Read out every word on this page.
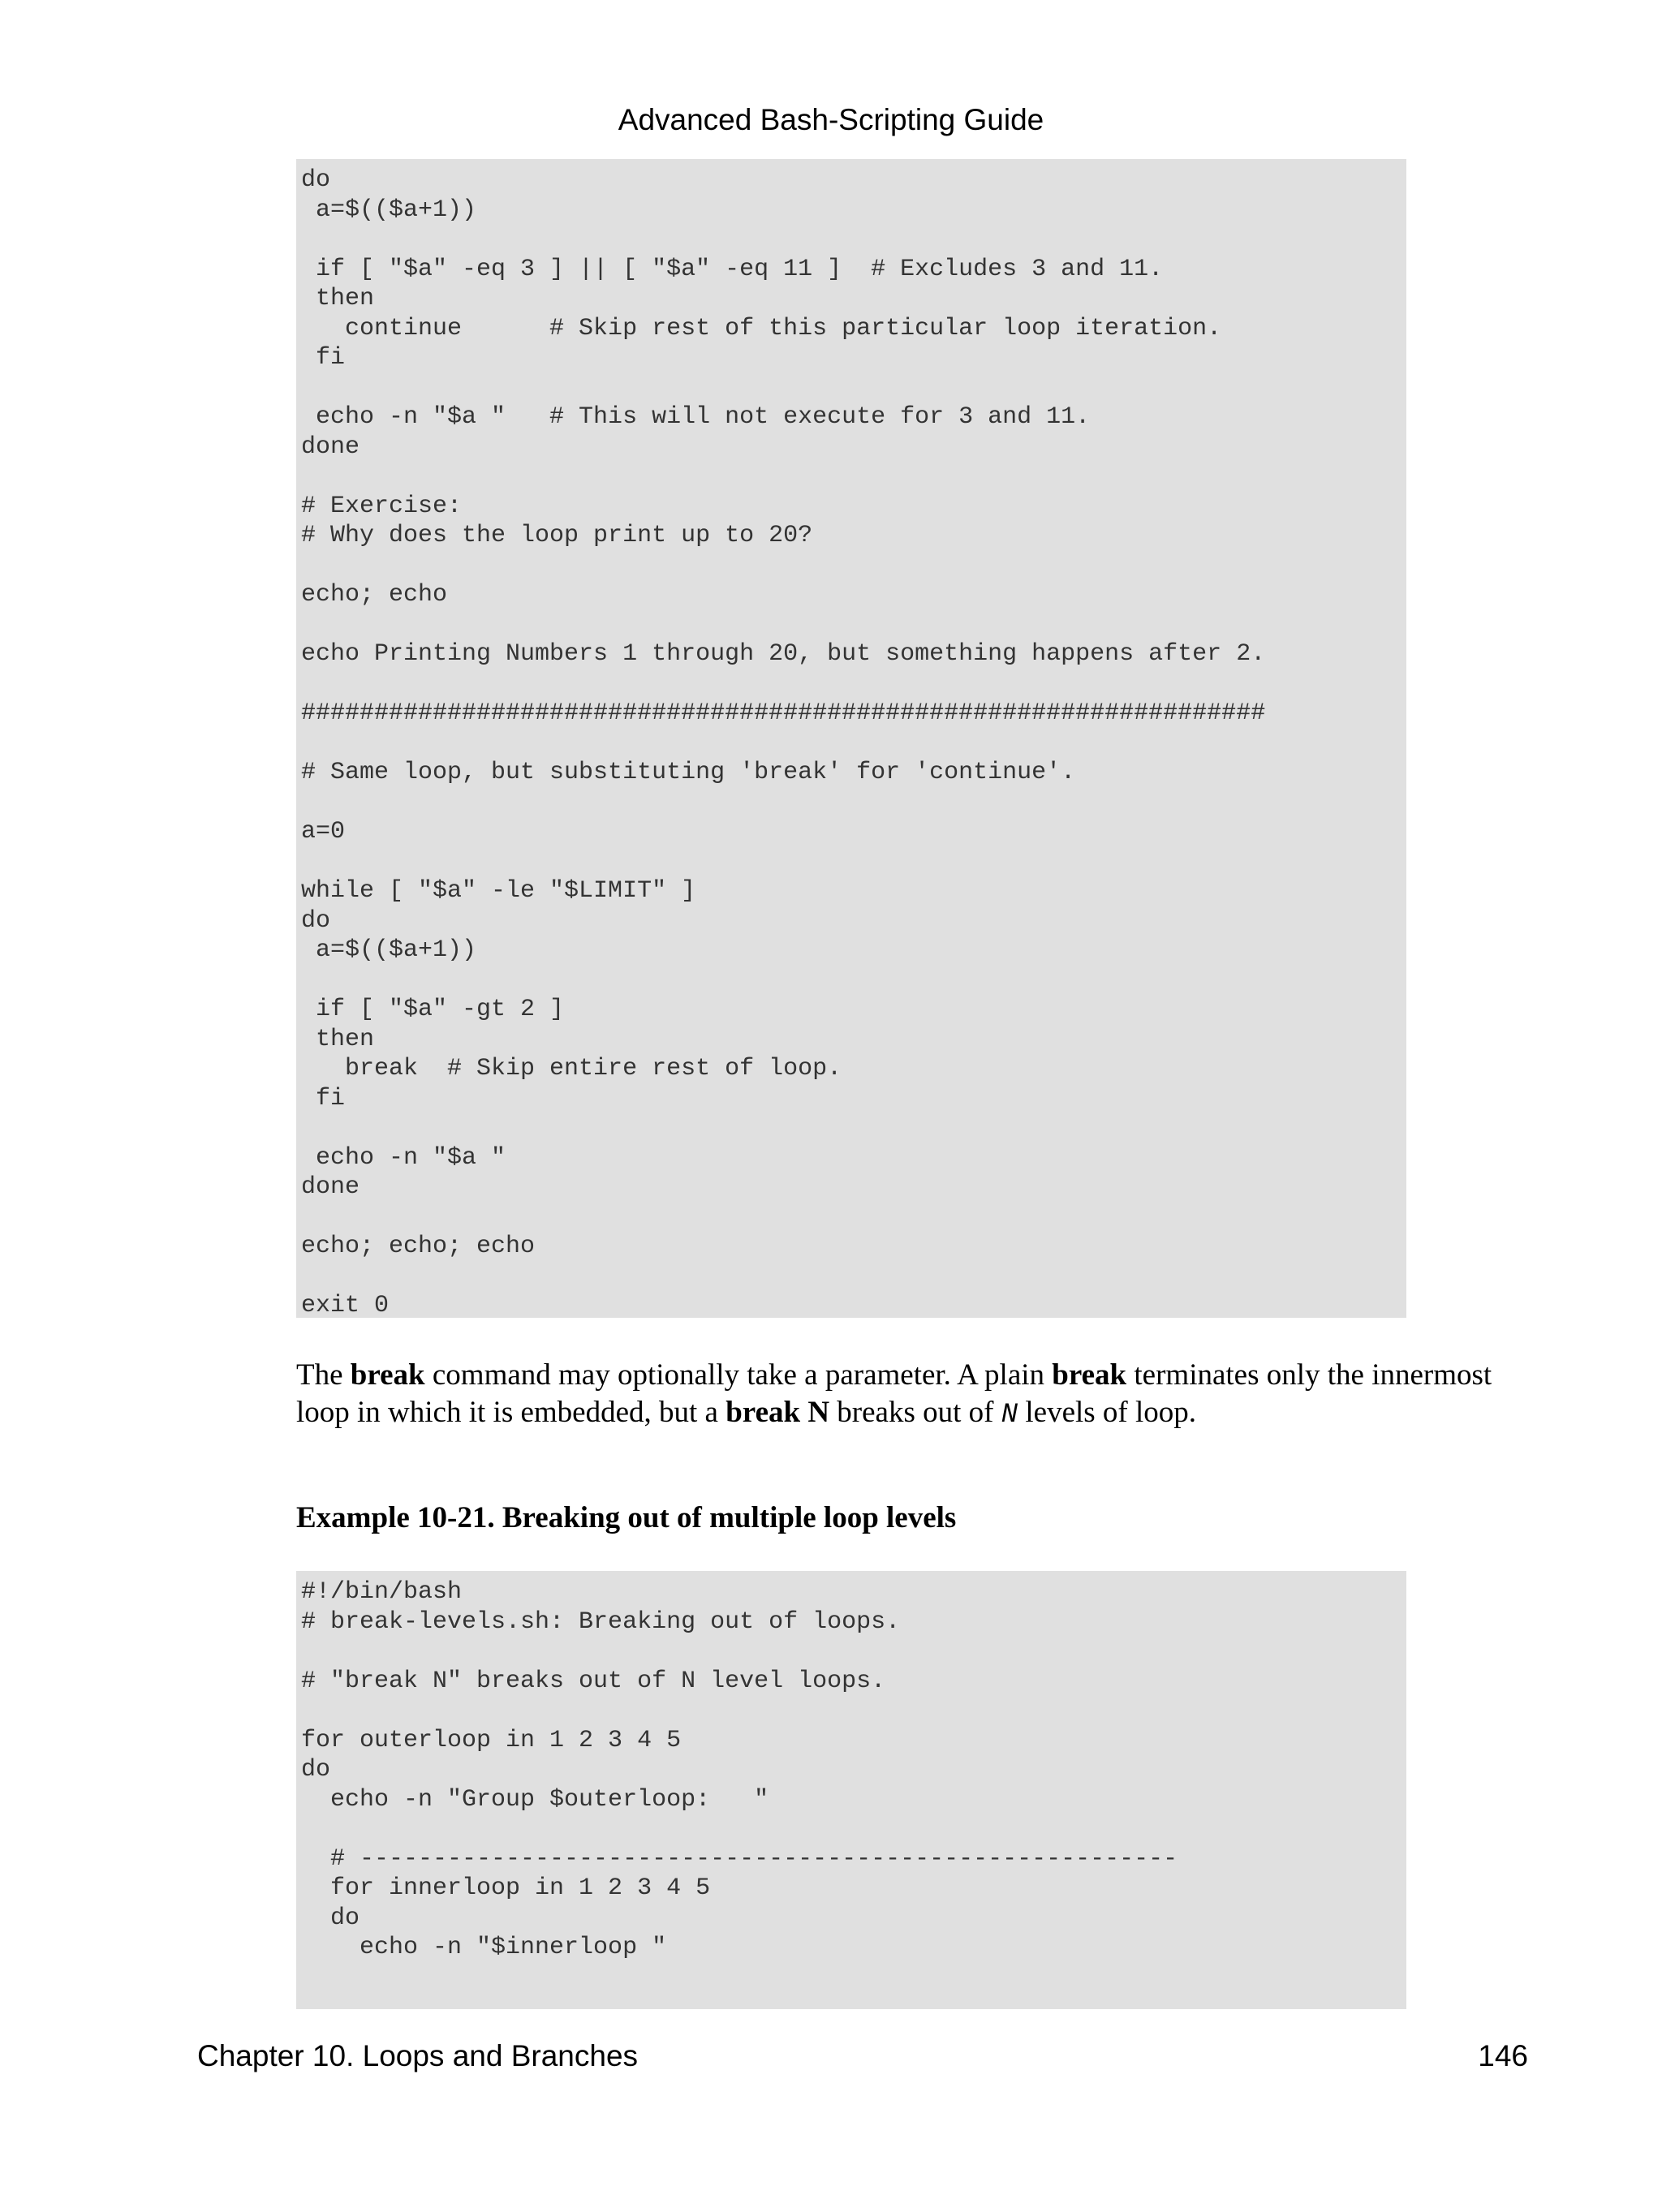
Advanced Bash-Scripting Guide
do
a=$(($a+1))
if [ "$a" -eq 3 ] || [ "$a" -eq 11 ]  # Excludes 3 and 11.
then
continue      # Skip rest of this particular loop iteration.
fi
echo -n "$a "   # This will not execute for 3 and 11.
done
# Exercise:
# Why does the loop print up to 20?
echo; echo
echo Printing Numbers 1 through 20, but something happens after 2.
##################################################################
# Same loop, but substituting 'break' for 'continue'.
a=0
while [ "$a" -le "$LIMIT" ]
do
a=$(($a+1))
if [ "$a" -gt 2 ]
then
break  # Skip entire rest of loop.
fi
echo -n "$a "
done
echo; echo; echo
exit 0
The break command may optionally take a parameter. A plain break terminates only the innermost loop in which it is embedded, but a break N breaks out of N levels of loop.
Example 10-21. Breaking out of multiple loop levels
#!/bin/bash
# break-levels.sh: Breaking out of loops.
# "break N" breaks out of N level loops.
for outerloop in 1 2 3 4 5
do
echo -n "Group $outerloop:   "
# --------------------------------------------------------
for innerloop in 1 2 3 4 5
do
echo -n "$innerloop "
Chapter 10. Loops and Branches	146
